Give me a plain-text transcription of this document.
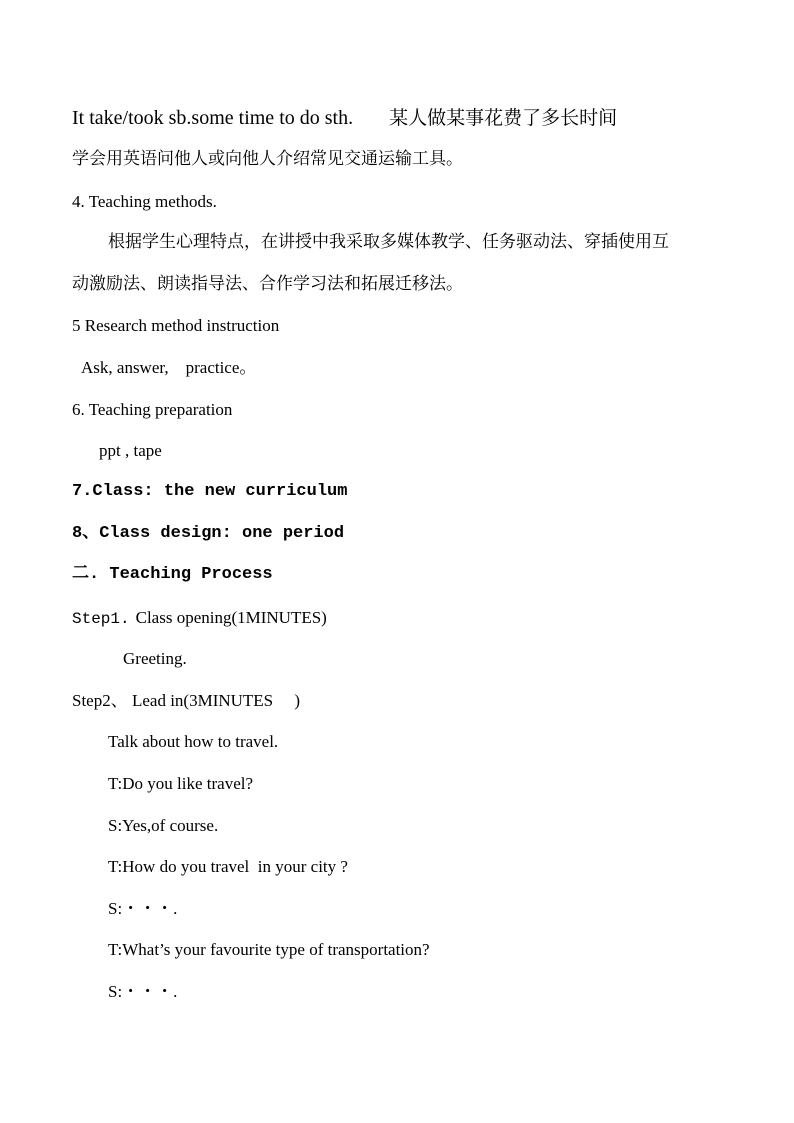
It take/took sb.some time to do sth. 某人做某事花费了多长时间
学会用英语问他人或向他人介绍常见交通运输工具。
4. Teaching methods.
根据学生心理特点，在讲授中我采取多媒体教学、任务驱动法、穿插使用互
动激励法、朗读指导法、合作学习法和拓展迁移法。
5 Research method instruction
Ask, answer,    practice。
6. Teaching preparation
ppt , tape
7.Class: the new curriculum
8、Class design: one period
二. Teaching Process
Step1. Class opening(1MINUTES)
Greeting.
Step2、 Lead in(3MINUTES     )
Talk about how to travel.
T:Do you like travel?
S:Yes,of course.
T:How do you travel  in your city ?
S:・・・.
T:What’s your favourite type of transportation?
S:・・・.
